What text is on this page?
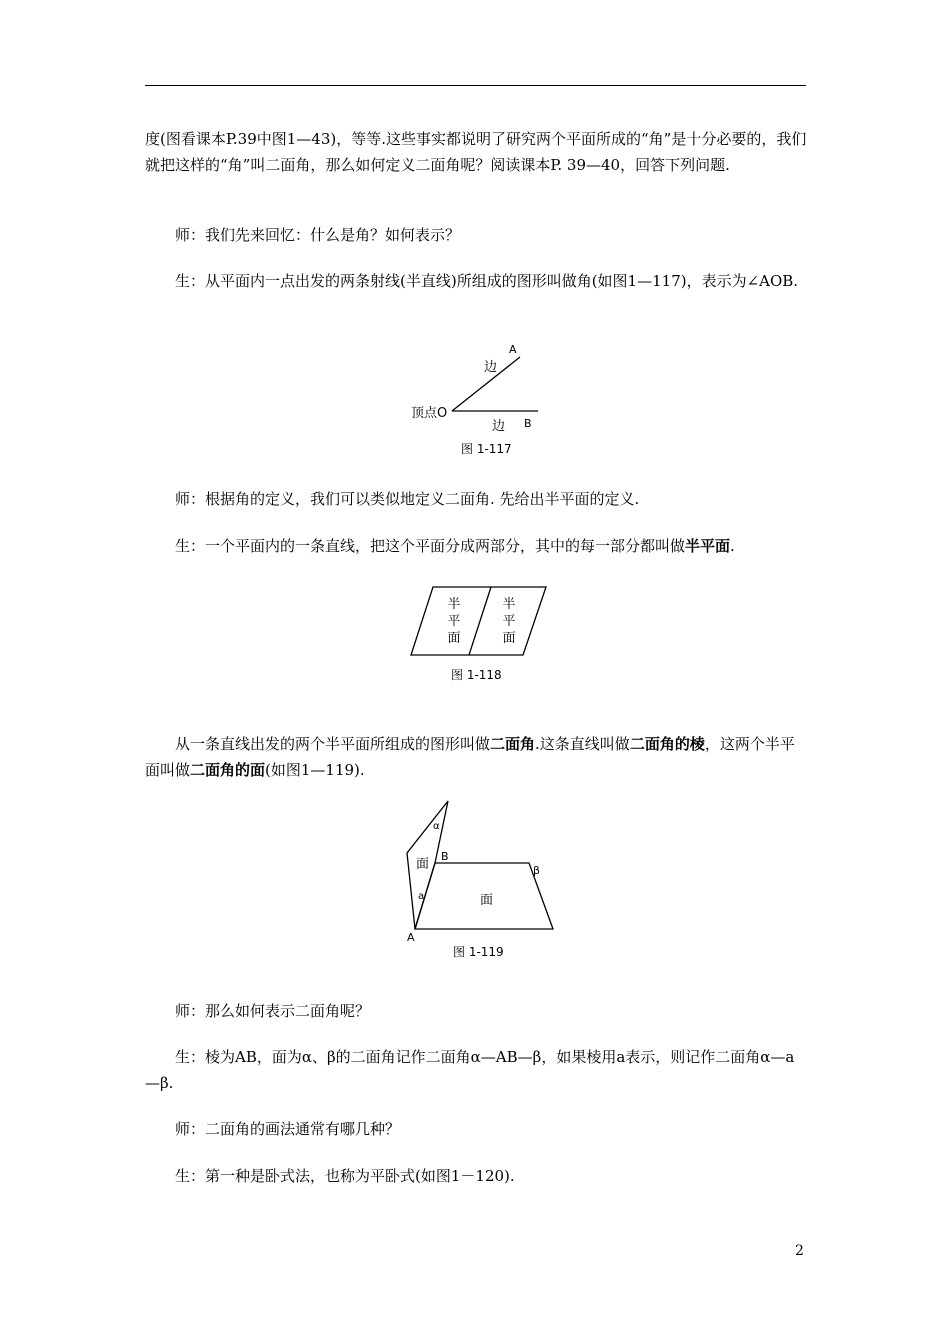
度(图看课本P.39中图1—43)，等等.这些事实都说明了研究两个平面所成的“角”是十分必要的，我们就把这样的“角”叫二面角，那么如何定义二面角呢？阅读课本P. 39—40，回答下列问题.

师：我们先来回忆：什么是角？如何表示？

生：从平面内一点出发的两条射线(半直线)所组成的图形叫做角(如图1—117)，表示为∠AOB.

A
边
顶点O
边 B
图 1-117

师：根据角的定义，我们可以类似地定义二面角. 先给出半平面的定义.

生：一个平面内的一条直线，把这个平面分成两部分，其中的每一部分都叫做半平面.

半平面
半平面
图 1-118

从一条直线出发的两个半平面所组成的图形叫做二面角.这条直线叫做二面角的棱，这两个半平面叫做二面角的面(如图1—119).

α
面
B
β
a	面
A
图 1-119

师：那么如何表示二面角呢？

生：棱为AB，面为α、β的二面角记作二面角α—AB—β，如果棱用a表示，则记作二面角α—a—β.

师：二面角的画法通常有哪几种？

生：第一种是卧式法，也称为平卧式(如图1－120).

2
